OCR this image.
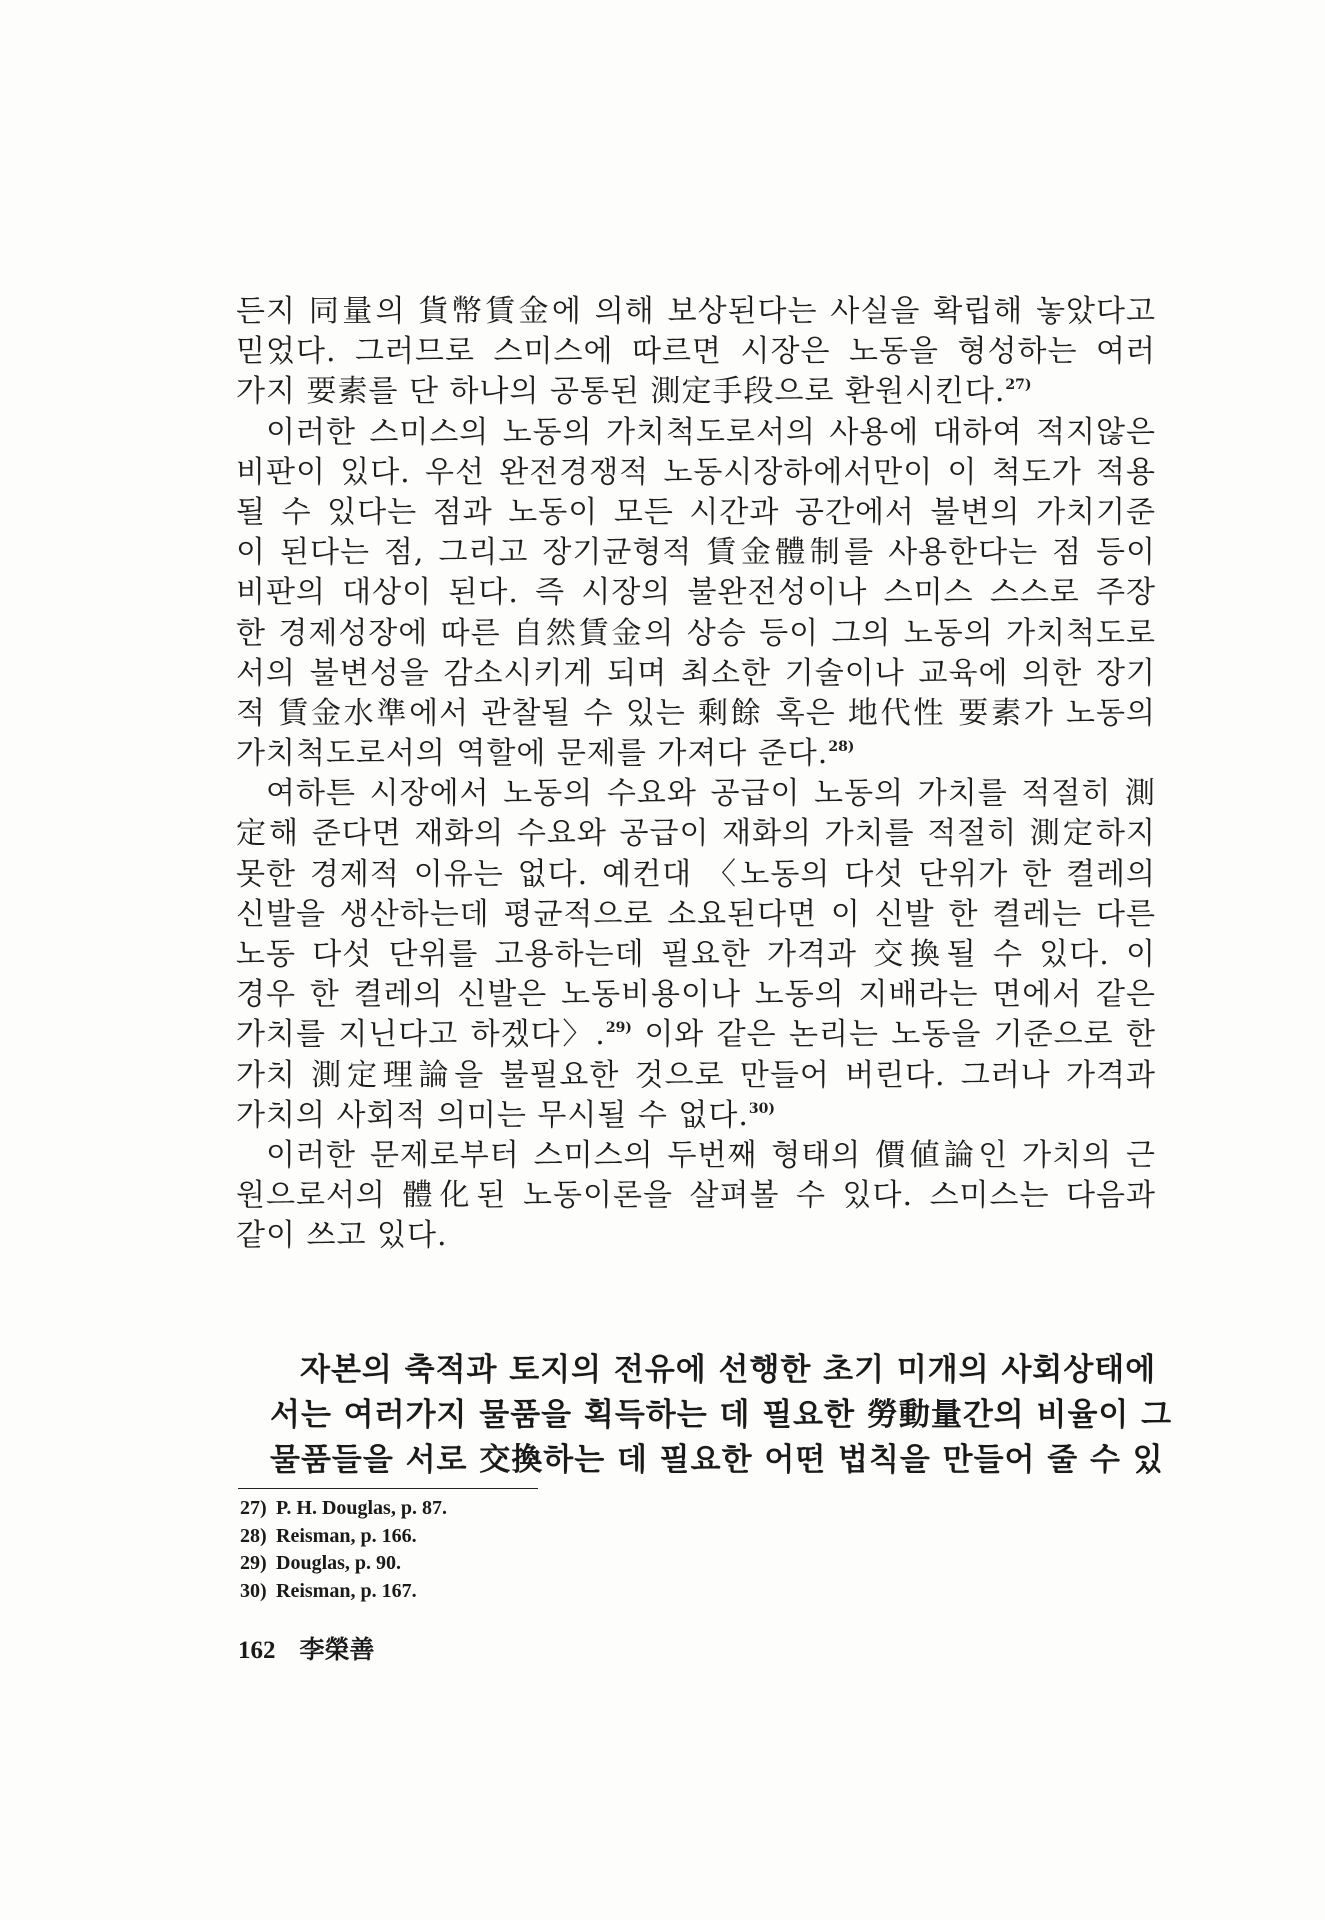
든지 同量의 貨幣賃金에 의해 보상된다는 사실을 확립해 놓았다고
믿었다. 그러므로 스미스에 따르면 시장은 노동을 형성하는 여러
가지 要素를 단 하나의 공통된 測定手段으로 환원시킨다.$^{27)}$
이러한 스미스의 노동의 가치척도로서의 사용에 대하여 적지않은
비판이 있다. 우선 완전경쟁적 노동시장하에서만이 이 척도가 적용
될 수 있다는 점과 노동이 모든 시간과 공간에서 불변의 가치기준
이 된다는 점, 그리고 장기균형적 賃金體制를 사용한다는 점 등이
비판의 대상이 된다. 즉 시장의 불완전성이나 스미스 스스로 주장
한 경제성장에 따른 自然賃金의 상승 등이 그의 노동의 가치척도로
서의 불변성을 감소시키게 되며 최소한 기술이나 교육에 의한 장기
적 賃金水準에서 관찰될 수 있는 剩餘 혹은 地代性 要素가 노동의
가치척도로서의 역할에 문제를 가져다 준다.$^{28)}$
여하튼 시장에서 노동의 수요와 공급이 노동의 가치를 적절히 測
定해 준다면 재화의 수요와 공급이 재화의 가치를 적절히 測定하지
못한 경제적 이유는 없다. 예컨대 〈노동의 다섯 단위가 한 켤레의
신발을 생산하는데 평균적으로 소요된다면 이 신발 한 켤레는 다른
노동 다섯 단위를 고용하는데 필요한 가격과 交換될 수 있다. 이
경우 한 켤레의 신발은 노동비용이나 노동의 지배라는 면에서 같은
가치를 지닌다고 하겠다〉.$^{29)}$ 이와 같은 논리는 노동을 기준으로 한
가치 測定理論을 불필요한 것으로 만들어 버린다. 그러나 가격과
가치의 사회적 의미는 무시될 수 없다.$^{30)}$
이러한 문제로부터 스미스의 두번째 형태의 價値論인 가치의 근
원으로서의 體化된 노동이론을 살펴볼 수 있다. 스미스는 다음과
같이 쓰고 있다.
자본의 축적과 토지의 전유에 선행한 초기 미개의 사회상태에
서는 여러가지 물품을 획득하는 데 필요한 勞動量간의 비율이 그
물품들을 서로 交換하는 데 필요한 어떤 법칙을 만들어 줄 수 있
27) P. H. Douglas, p. 87.
28) Reisman, p. 166.
29) Douglas, p. 90.
30) Reisman, p. 167.
162 李榮善
